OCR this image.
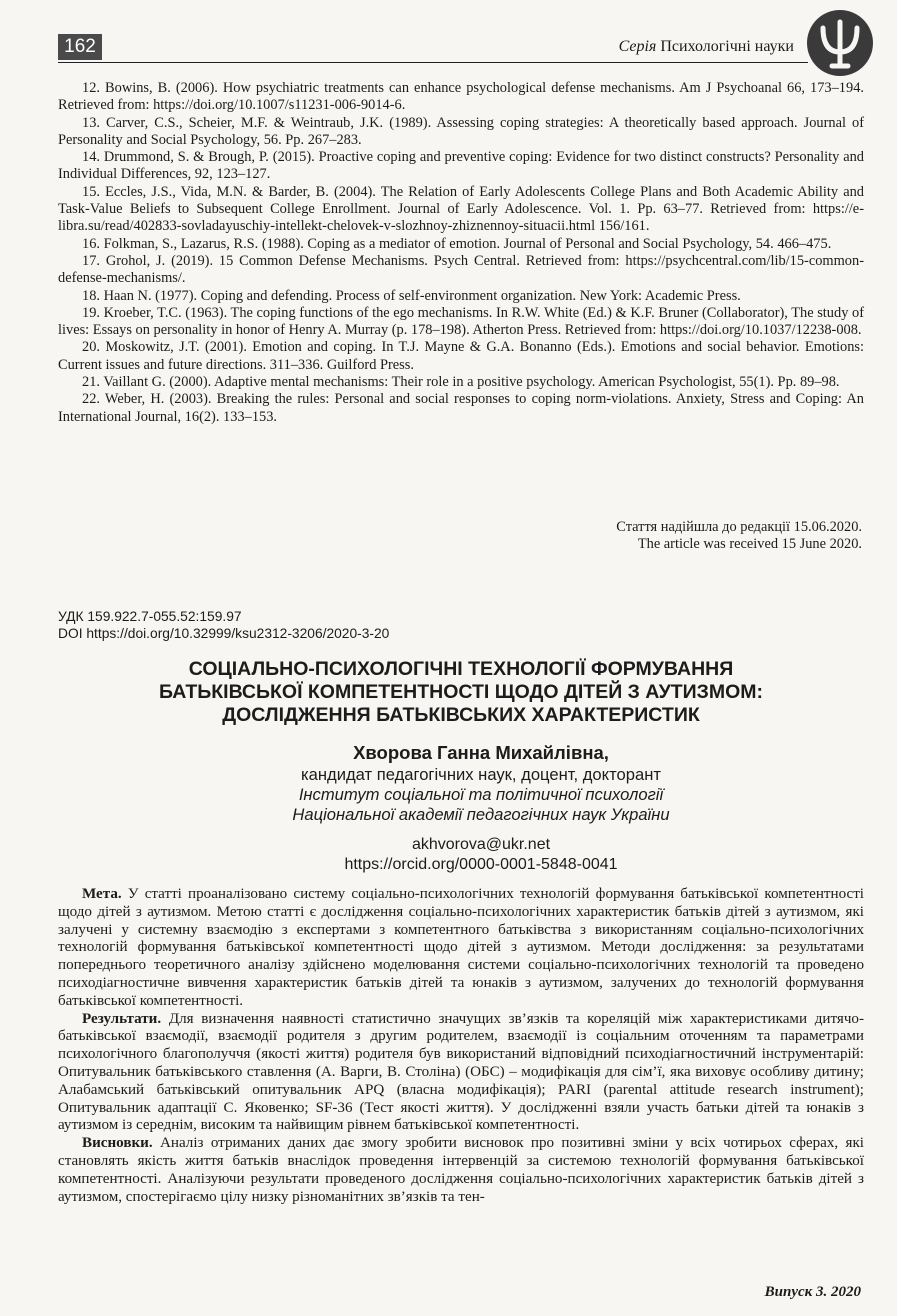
162	Серія Психологічні науки

12. Bowins, B. (2006). How psychiatric treatments can enhance psychological defense mechanisms. Am J Psychoanal 66, 173–194. Retrieved from: https://doi.org/10.1007/s11231-006-9014-6.

13. Carver, C.S., Scheier, M.F. & Weintraub, J.K. (1989). Assessing coping strategies: A theoretically based approach. Journal of Personality and Social Psychology, 56. Pp. 267–283.

14. Drummond, S. & Brough, P. (2015). Proactive coping and preventive coping: Evidence for two distinct constructs? Personality and Individual Differences, 92, 123–127.

15. Eccles, J.S., Vida, M.N. & Barder, B. (2004). The Relation of Early Adolescents College Plans and Both Academic Ability and Task-Value Beliefs to Subsequent College Enrollment. Journal of Early Adolescence. Vol. 1. Pp. 63–77. Retrieved from: https://e-libra.su/read/402833-sovladayuschiy-intellekt-chelovek-v-slozhnoy-zhiznennoy-situacii.html 156/161.

16. Folkman, S., Lazarus, R.S. (1988). Coping as a mediator of emotion. Journal of Personal and Social Psychology, 54. 466–475.

17. Grohol, J. (2019). 15 Common Defense Mechanisms. Psych Central. Retrieved from: https://psychcentral.com/lib/15-common-defense-mechanisms/.

18. Haan N. (1977). Coping and defending. Process of self-environment organization. New York: Academic Press.

19. Kroeber, T.C. (1963). The coping functions of the ego mechanisms. In R.W. White (Ed.) & K.F. Bruner (Collaborator), The study of lives: Essays on personality in honor of Henry A. Murray (p. 178–198). Atherton Press. Retrieved from: https://doi.org/10.1037/12238-008.

20. Moskowitz, J.T. (2001). Emotion and coping. In T.J. Mayne & G.A. Bonanno (Eds.). Emotions and social behavior. Emotions: Current issues and future directions. 311–336. Guilford Press.

21. Vaillant G. (2000). Adaptive mental mechanisms: Their role in a positive psychology. American Psychologist, 55(1). Pp. 89–98.

22. Weber, H. (2003). Breaking the rules: Personal and social responses to coping norm-violations. Anxiety, Stress and Coping: An International Journal, 16(2). 133–153.

Стаття надійшла до редакції 15.06.2020.

The article was received 15 June 2020.

УДК 159.922.7-055.52:159.97

DOI https://doi.org/10.32999/ksu2312-3206/2020-3-20

СОЦІАЛЬНО-ПСИХОЛОГІЧНІ ТЕХНОЛОГІЇ ФОРМУВАННЯ

БАТЬКІВСЬКОЇ КОМПЕТЕНТНОСТІ ЩОДО ДІТЕЙ З АУТИЗМОМ:

ДОСЛІДЖЕННЯ БАТЬКІВСЬКИХ ХАРАКТЕРИСТИК

Хворова Ганна Михайлівна,

кандидат педагогічних наук, доцент, докторант

Інститут соціальної та політичної психології

Національної академії педагогічних наук України

akhvorova@ukr.net

https://orcid.org/0000-0001-5848-0041

Мета. У статті проаналізовано систему соціально-психологічних технологій формування батьківської компетентності щодо дітей з аутизмом. Метою статті є дослідження соціально-психологічних характеристик батьків дітей з аутизмом, які залучені у системну взаємодію з експертами з компетентного батьківства з використанням соціально-психологічних технологій формування батьківської компетентності щодо дітей з аутизмом. Методи дослідження: за результатами попереднього теоретичного аналізу здійснено моделювання системи соціально-психологічних технологій та проведено психодіагностичне вивчення характеристик батьків дітей та юнаків з аутизмом, залучених до технологій формування батьківської компетентності.

Результати. Для визначення наявності статистично значущих зв’язків та кореляцій між характеристиками дитячо-батьківської взаємодії, взаємодії родителя з другим родителем, взаємодії із соціальним оточенням та параметрами психологічного благополуччя (якості життя) родителя був використаний відповідний психодіагностичний інструментарій: Опитувальник батьківського ставлення (А. Варги, В. Століна) (ОБС) – модифікація для сім’ї, яка виховує особливу дитину; Алабамський батьківський опитувальник APQ (власна модифікація); PARI (parental attitude research instrument); Опитувальник адаптації С. Яковенко; SF-36 (Тест якості життя). У дослідженні взяли участь батьки дітей та юнаків з аутизмом із середнім, високим та найвищим рівнем батьківської компетентності.

Висновки. Аналіз отриманих даних дає змогу зробити висновок про позитивні зміни у всіх чотирьох сферах, які становлять якість життя батьків внаслідок проведення інтервенцій за системою технологій формування батьківської компетентності. Аналізуючи результати проведеного дослідження соціально-психологічних характеристик батьків дітей з аутизмом, спостерігаємо цілу низку різноманітних зв’язків та тен-

Випуск 3. 2020
